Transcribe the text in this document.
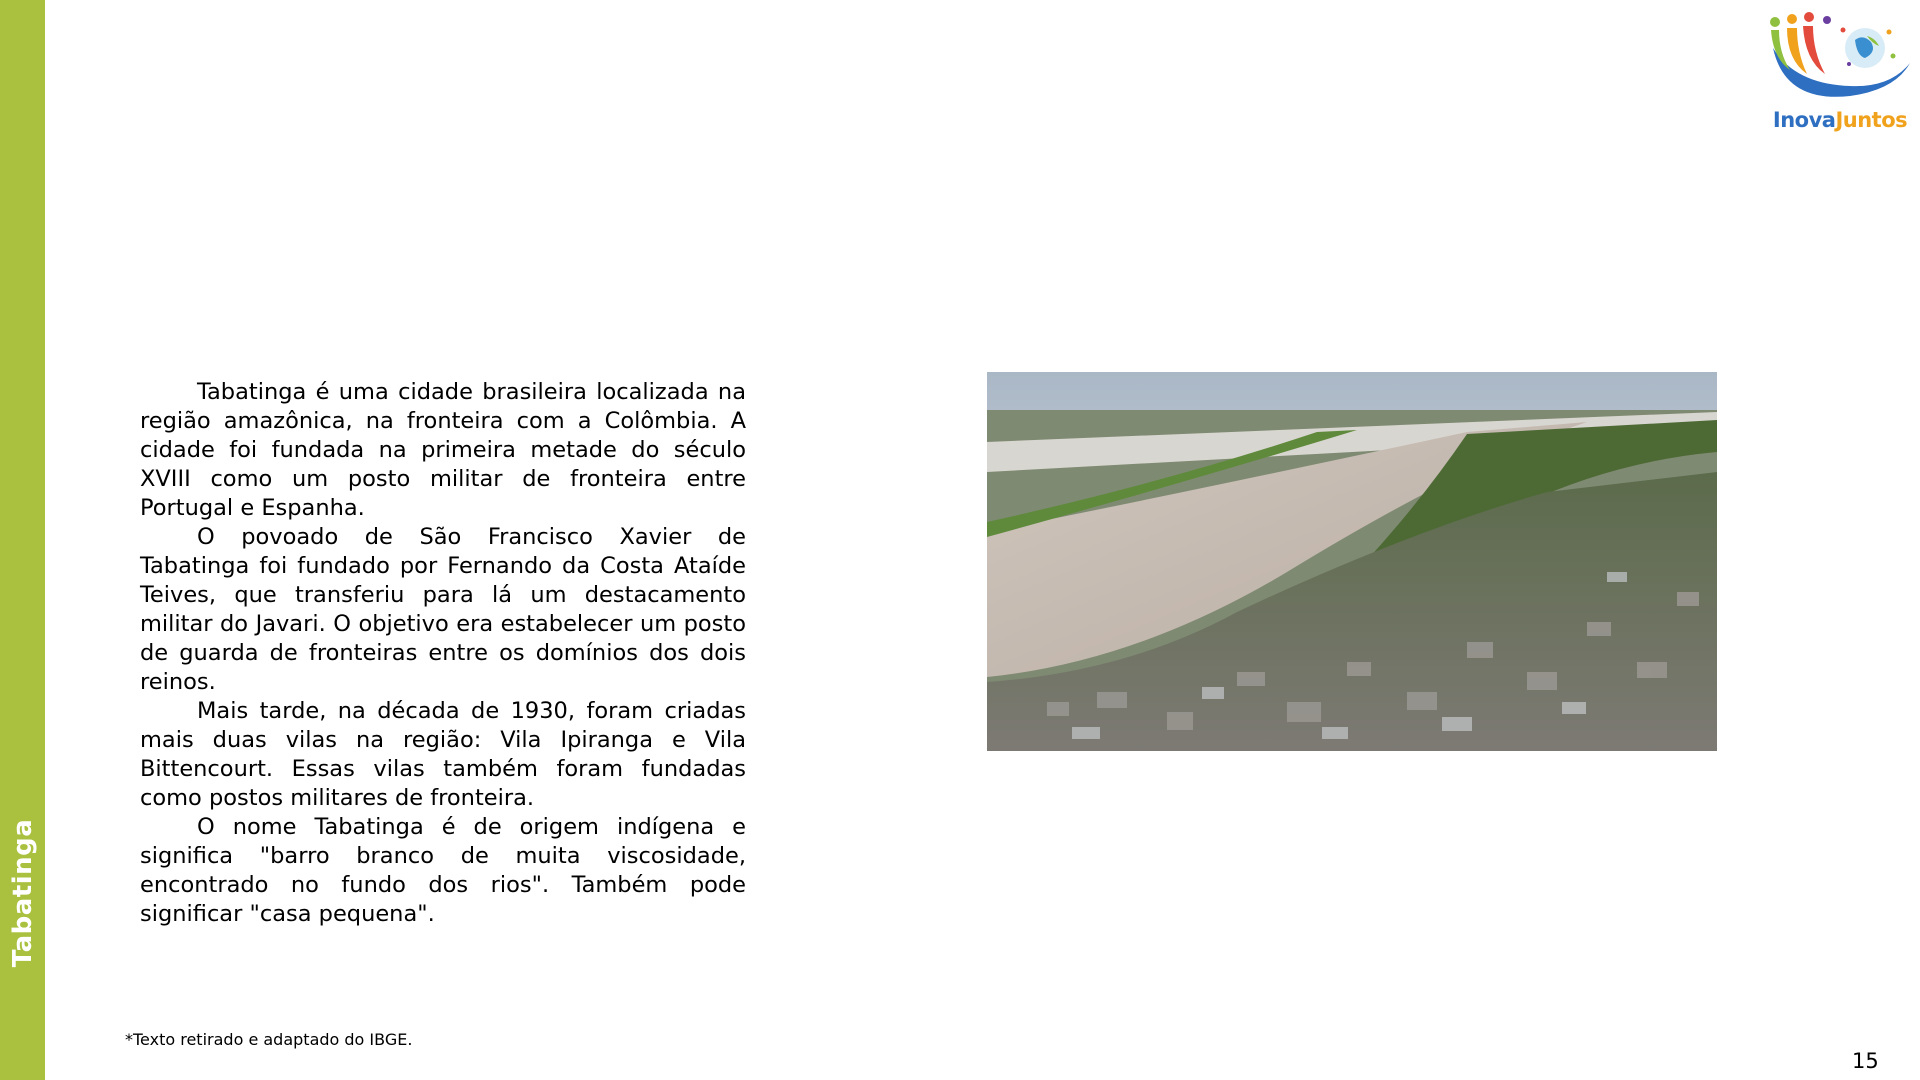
Tabatinga
InovaJuntos

Tabatinga é uma cidade brasileira localizada na região amazônica, na fronteira com a Colômbia. A cidade foi fundada na primeira metade do século XVIII como um posto militar de fronteira entre Portugal e Espanha.

O povoado de São Francisco Xavier de Tabatinga foi fundado por Fernando da Costa Ataíde Teives, que transferiu para lá um destacamento militar do Javari. O objetivo era estabelecer um posto de guarda de fronteiras entre os domínios dos dois reinos.

Mais tarde, na década de 1930, foram criadas mais duas vilas na região: Vila Ipiranga e Vila Bittencourt. Essas vilas também foram fundadas como postos militares de fronteira.

O nome Tabatinga é de origem indígena e significa "barro branco de muita viscosidade, encontrado no fundo dos rios". Também pode significar "casa pequena".

*Texto retirado e adaptado do IBGE.
15
